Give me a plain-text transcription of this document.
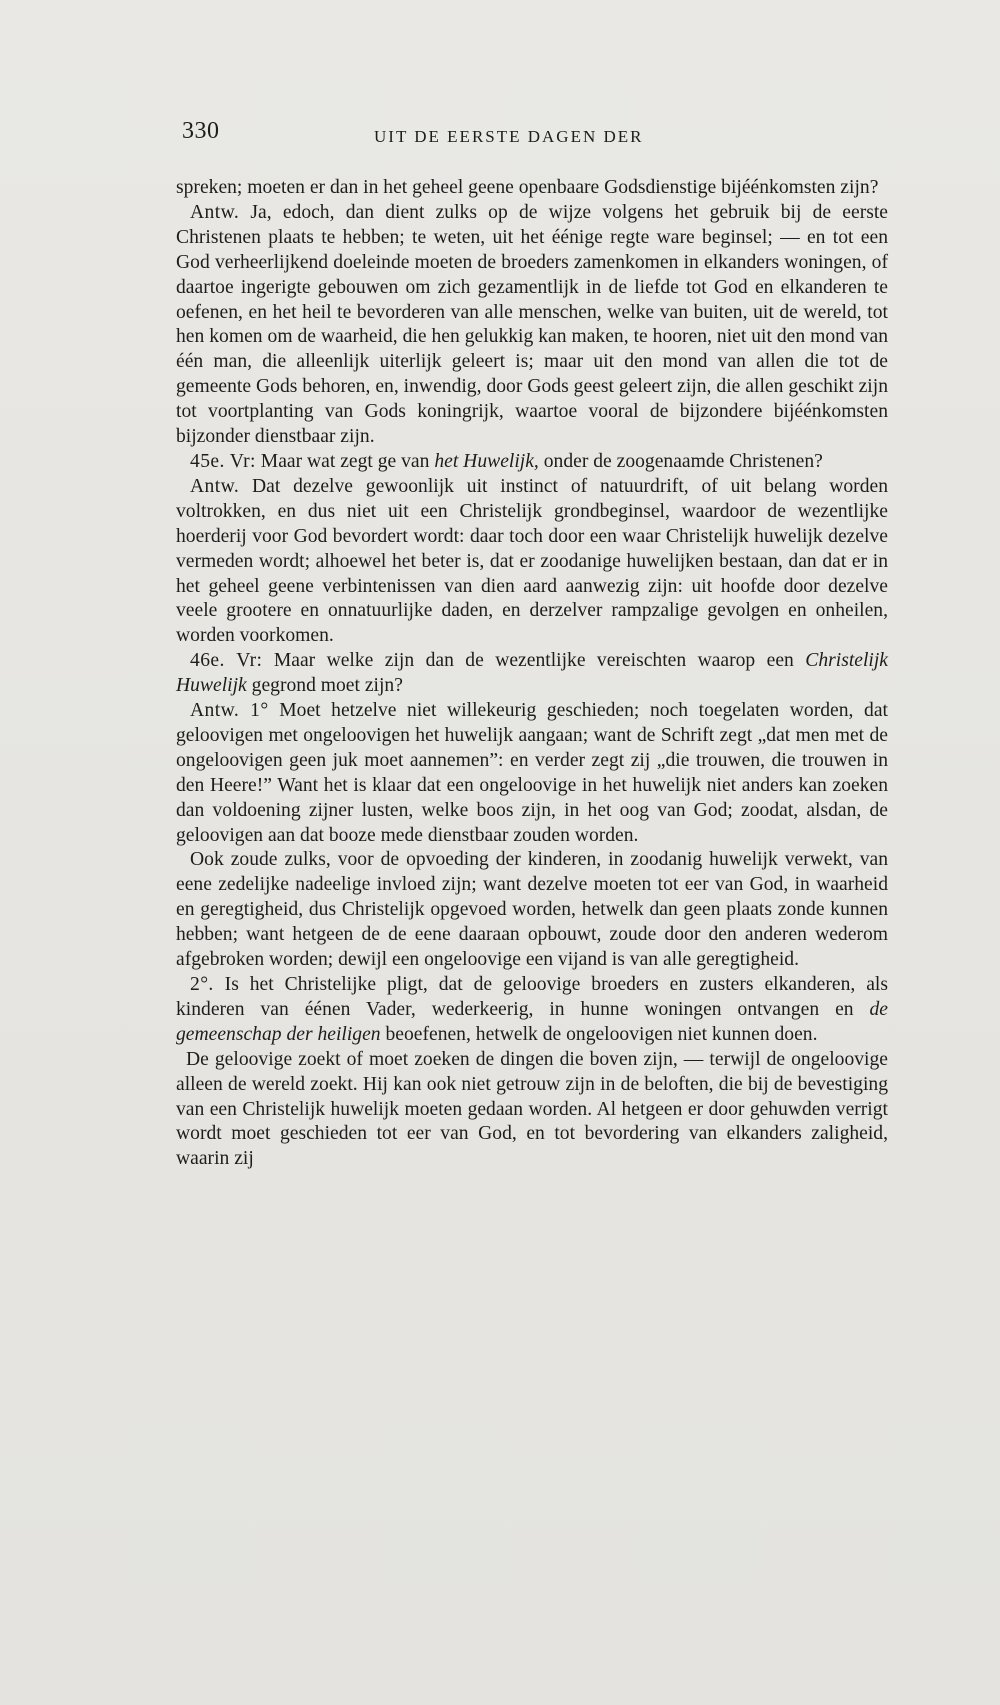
330	UIT DE EERSTE DAGEN DER

spreken; moeten er dan in het geheel geene openbaare Godsdienstige bijéénkomsten zijn?

Antw. Ja, edoch, dan dient zulks op de wijze volgens het gebruik bij de eerste Christenen plaats te hebben; te weten, uit het éénige regte ware beginsel; — en tot een God verheerlijkend doeleinde moeten de broeders zamenkomen in elkanders woningen, of daartoe ingerigte gebouwen om zich gezamentlijk in de liefde tot God en elkanderen te oefenen, en het heil te bevorderen van alle menschen, welke van buiten, uit de wereld, tot hen komen om de waarheid, die hen gelukkig kan maken, te hooren, niet uit den mond van één man, die alleenlijk uiterlijk geleert is; maar uit den mond van allen die tot de gemeente Gods behoren, en, inwendig, door Gods geest geleert zijn, die allen geschikt zijn tot voortplanting van Gods koningrijk, waartoe vooral de bijzondere bijéénkomsten bijzonder dienstbaar zijn.

45e. Vr: Maar wat zegt ge van het Huwelijk, onder de zoogenaamde Christenen?

Antw. Dat dezelve gewoonlijk uit instinct of natuurdrift, of uit belang worden voltrokken, en dus niet uit een Christelijk grondbeginsel, waardoor de wezentlijke hoerderij voor God bevordert wordt: daar toch door een waar Christelijk huwelijk dezelve vermeden wordt; alhoewel het beter is, dat er zoodanige huwelijken bestaan, dan dat er in het geheel geene verbintenissen van dien aard aanwezig zijn: uit hoofde door dezelve veele grootere en onnatuurlijke daden, en derzelver rampzalige gevolgen en onheilen, worden voorkomen.

46e. Vr: Maar welke zijn dan de wezentlijke vereischten waarop een Christelijk Huwelijk gegrond moet zijn?

Antw. 1° Moet hetzelve niet willekeurig geschieden; noch toegelaten worden, dat geloovigen met ongeloovigen het huwelijk aangaan; want de Schrift zegt „dat men met de ongeloovigen geen juk moet aannemen”: en verder zegt zij „die trouwen, die trouwen in den Heere!” Want het is klaar dat een ongeloovige in het huwelijk niet anders kan zoeken dan voldoening zijner lusten, welke boos zijn, in het oog van God; zoodat, alsdan, de geloovigen aan dat booze mede dienstbaar zouden worden.

Ook zoude zulks, voor de opvoeding der kinderen, in zoodanig huwelijk verwekt, van eene zedelijke nadeelige invloed zijn; want dezelve moeten tot eer van God, in waarheid en geregtigheid, dus Christelijk opgevoed worden, hetwelk dan geen plaats zonde kunnen hebben; want hetgeen de de eene daaraan opbouwt, zoude door den anderen wederom afgebroken worden; dewijl een ongeloovige een vijand is van alle geregtigheid.

2°. Is het Christelijke pligt, dat de geloovige broeders en zusters elkanderen, als kinderen van éénen Vader, wederkeerig, in hunne woningen ontvangen en de gemeenschap der heiligen beoefenen, hetwelk de ongeloovigen niet kunnen doen.

De geloovige zoekt of moet zoeken de dingen die boven zijn, — terwijl de ongeloovige alleen de wereld zoekt. Hij kan ook niet getrouw zijn in de beloften, die bij de bevestiging van een Christelijk huwelijk moeten gedaan worden. Al hetgeen er door gehuwden verrigt wordt moet geschieden tot eer van God, en tot bevordering van elkanders zaligheid, waarin zij
